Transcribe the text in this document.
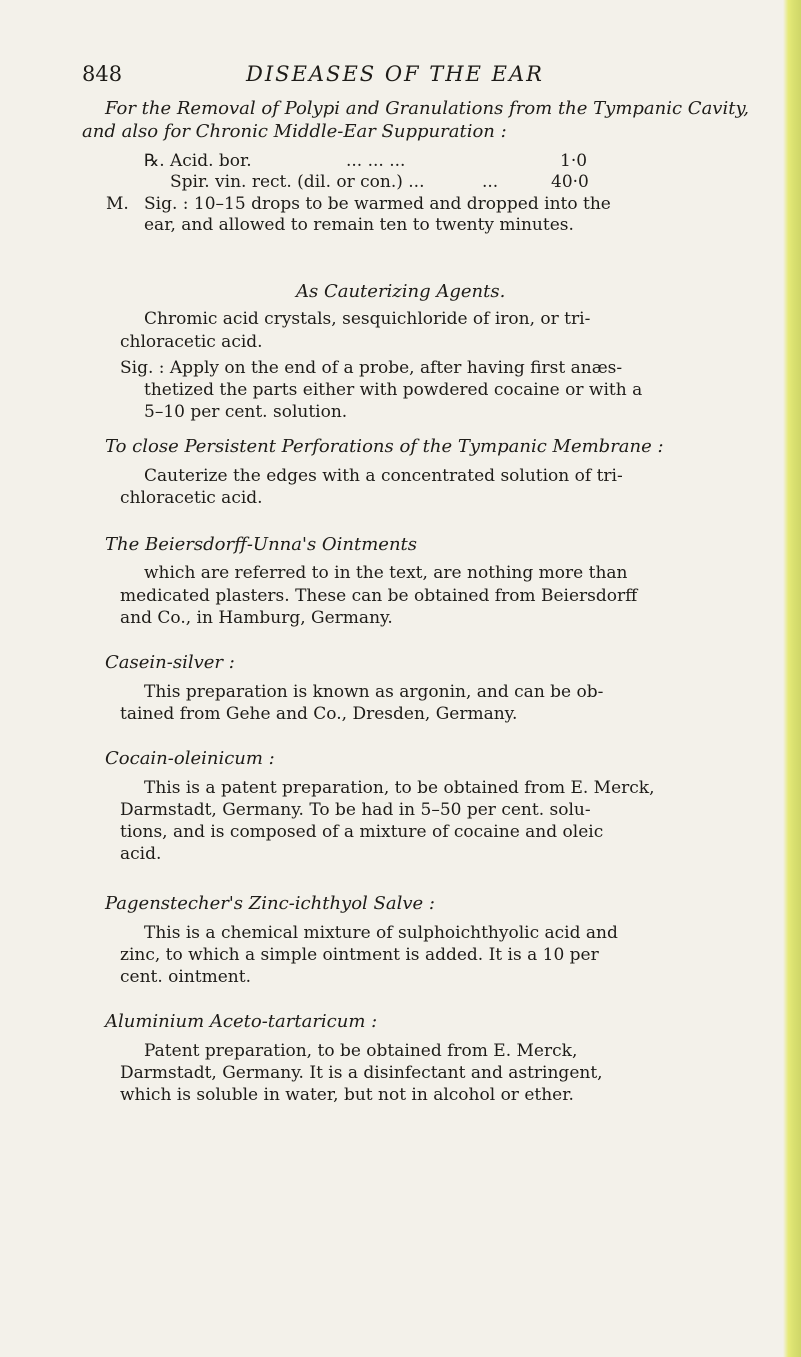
848	DISEASES OF THE EAR
For the Removal of Polypi and Granulations from the Tympanic Cavity,
and also for Chronic Middle-Ear Suppuration :
℞. Acid. bor.	... ... ...	1·0
Spir. vin. rect. (dil. or con.) ...	...	40·0
M. Sig. : 10–15 drops to be warmed and dropped into the
ear, and allowed to remain ten to twenty minutes.
As Cauterizing Agents.
Chromic acid crystals, sesquichloride of iron, or tri-
chloracetic acid.
Sig. : Apply on the end of a probe, after having first anæs-
thetized the parts either with powdered cocaine or with a
5–10 per cent. solution.
To close Persistent Perforations of the Tympanic Membrane :
Cauterize the edges with a concentrated solution of tri-
chloracetic acid.
The Beiersdorff-Unna's Ointments
which are referred to in the text, are nothing more than
medicated plasters. These can be obtained from Beiersdorff
and Co., in Hamburg, Germany.
Casein-silver :
This preparation is known as argonin, and can be ob-
tained from Gehe and Co., Dresden, Germany.
Cocain-oleinicum :
This is a patent preparation, to be obtained from E. Merck,
Darmstadt, Germany. To be had in 5–50 per cent. solu-
tions, and is composed of a mixture of cocaine and oleic
acid.
Pagenstecher's Zinc-ichthyol Salve :
This is a chemical mixture of sulphoichthyolic acid and
zinc, to which a simple ointment is added. It is a 10 per
cent. ointment.
Aluminium Aceto-tartaricum :
Patent preparation, to be obtained from E. Merck,
Darmstadt, Germany. It is a disinfectant and astringent,
which is soluble in water, but not in alcohol or ether.
